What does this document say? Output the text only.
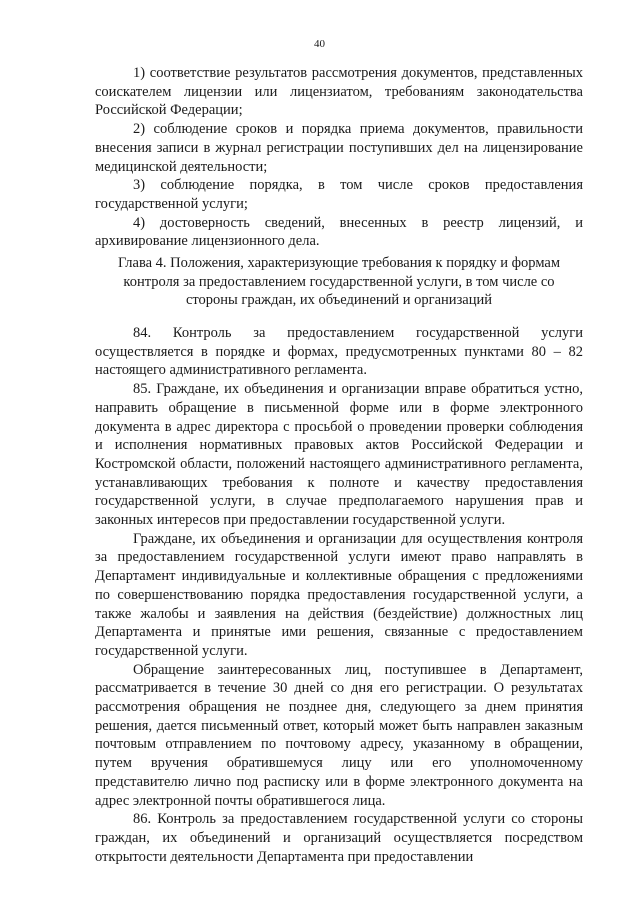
40

1) соответствие результатов рассмотрения документов, представленных соискателем лицензии или лицензиатом, требованиям законодательства Российской Федерации;

2) соблюдение сроков и порядка приема документов, правильности внесения записи в журнал регистрации поступивших дел на лицензирование медицинской деятельности;

3) соблюдение порядка, в том числе сроков предоставления государственной услуги;

4) достоверность сведений, внесенных в реестр лицензий, и архивирование лицензионного дела.

Глава 4. Положения, характеризующие требования к порядку и формам
контроля за предоставлением государственной услуги, в том числе со
стороны граждан, их объединений и организаций

84. Контроль за предоставлением государственной услуги осуществляется в порядке и формах, предусмотренных пунктами 80 – 82 настоящего административного регламента.

85. Граждане, их объединения и организации вправе обратиться устно, направить обращение в письменной форме или в форме электронного документа в адрес директора с просьбой о проведении проверки соблюдения и исполнения нормативных правовых актов Российской Федерации и Костромской области, положений настоящего административного регламента, устанавливающих требования к полноте и качеству предоставления государственной услуги, в случае предполагаемого нарушения прав и законных интересов при предоставлении государственной услуги.

Граждане, их объединения и организации для осуществления контроля за предоставлением государственной услуги имеют право направлять в Департамент индивидуальные и коллективные обращения с предложениями по совершенствованию порядка предоставления государственной услуги, а также жалобы и заявления на действия (бездействие) должностных лиц Департамента и принятые ими решения, связанные с предоставлением государственной услуги.

Обращение заинтересованных лиц, поступившее в Департамент, рассматривается в течение 30 дней со дня его регистрации. О результатах рассмотрения обращения не позднее дня, следующего за днем принятия решения, дается письменный ответ, который может быть направлен заказным почтовым отправлением по почтовому адресу, указанному в обращении, путем вручения обратившемуся лицу или его уполномоченному представителю лично под расписку или в форме электронного документа на адрес электронной почты обратившегося лица.

86. Контроль за предоставлением государственной услуги со стороны граждан, их объединений и организаций осуществляется посредством открытости деятельности Департамента при предоставлении
